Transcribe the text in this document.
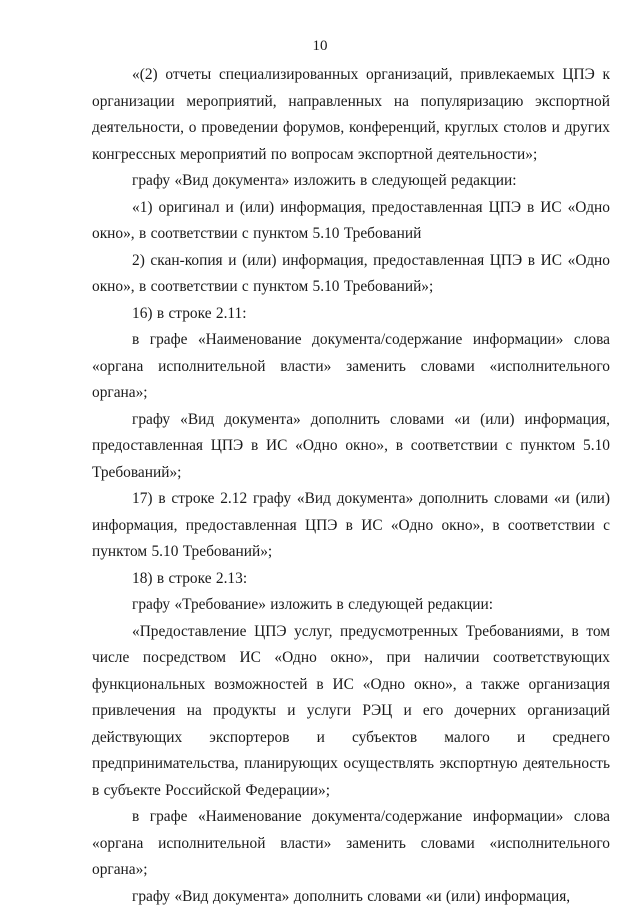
10

«(2) отчеты специализированных организаций, привлекаемых ЦПЭ к организации мероприятий, направленных на популяризацию экспортной деятельности, о проведении форумов, конференций, круглых столов и других конгрессных мероприятий по вопросам экспортной деятельности»;

графу «Вид документа» изложить в следующей редакции:

«1) оригинал и (или) информация, предоставленная ЦПЭ в ИС «Одно окно», в соответствии с пунктом 5.10 Требований

2) скан-копия и (или) информация, предоставленная ЦПЭ в ИС «Одно окно», в соответствии с пунктом 5.10 Требований»;

16) в строке 2.11:

в графе «Наименование документа/содержание информации» слова «органа исполнительной власти» заменить словами «исполнительного органа»;

графу «Вид документа» дополнить словами «и (или) информация, предоставленная ЦПЭ в ИС «Одно окно», в соответствии с пунктом 5.10 Требований»;

17) в строке 2.12 графу «Вид документа» дополнить словами «и (или) информация, предоставленная ЦПЭ в ИС «Одно окно», в соответствии с пунктом 5.10 Требований»;

18) в строке 2.13:

графу «Требование» изложить в следующей редакции:

«Предоставление ЦПЭ услуг, предусмотренных Требованиями, в том числе посредством ИС «Одно окно», при наличии соответствующих функциональных возможностей в ИС «Одно окно», а также организация привлечения на продукты и услуги РЭЦ и его дочерних организаций действующих экспортеров и субъектов малого и среднего предпринимательства, планирующих осуществлять экспортную деятельность в субъекте Российской Федерации»;

в графе «Наименование документа/содержание информации» слова «органа исполнительной власти» заменить словами «исполнительного органа»;

графу «Вид документа» дополнить словами «и (или) информация,
